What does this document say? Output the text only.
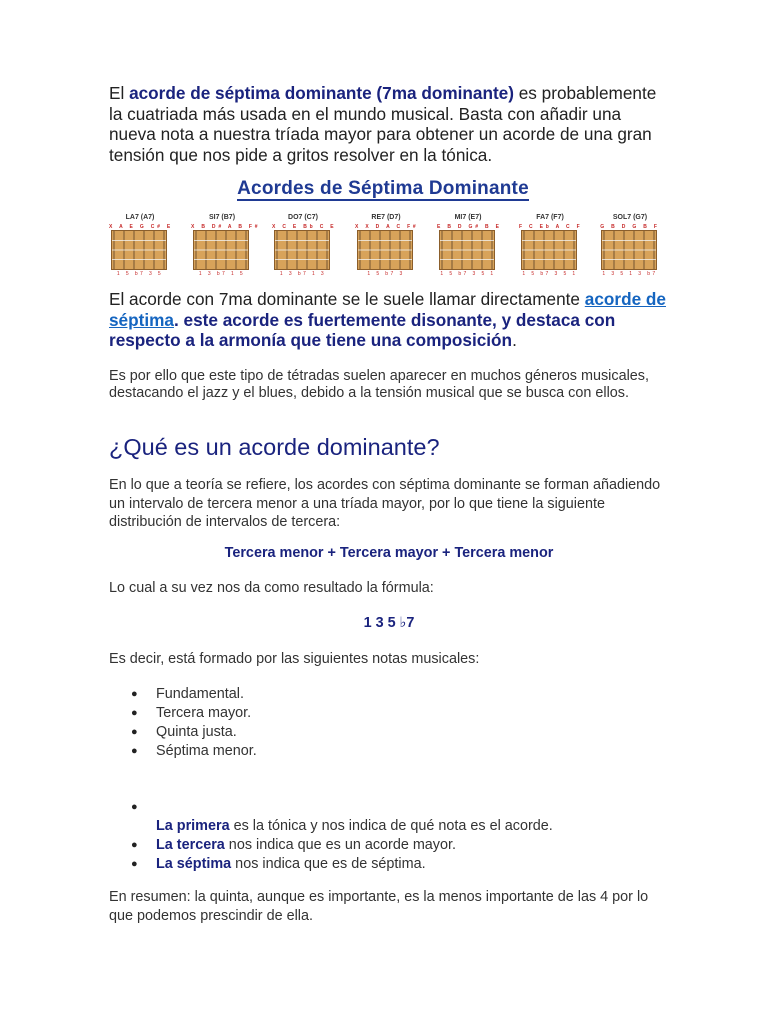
El acorde de séptima dominante (7ma dominante) es probablemente la cuatriada más usada en el mundo musical. Basta con añadir una nueva nota a nuestra tríada mayor para obtener un acorde de una gran tensión que nos pide a gritos resolver en la tónica.

Acordes de Séptima Dominante
LA7 (A7)
X A E G C# E
1 5 b7 3 5
SI7 (B7)
X B D# A B F#
1 3 b7 1 5
DO7 (C7)
X C E Bb C E
1 3 b7 1 3
RE7 (D7)
X X D A C F#
1 5 b7 3
MI7 (E7)
E B D G# B E
1 5 b7 3 5 1
FA7 (F7)
F C Eb A C F
1 5 b7 3 5 1
SOL7 (G7)
G B D G B F
1 3 5 1 3 b7

El acorde con 7ma dominante se le suele llamar directamente acorde de séptima. este acorde es fuertemente disonante, y destaca con respecto a la armonía que tiene una composición.

Es por ello que este tipo de tétradas suelen aparecer en muchos géneros musicales, destacando el jazz y el blues, debido a la tensión musical que se busca con ellos.

¿Qué es un acorde dominante?

En lo que a teoría se refiere, los acordes con séptima dominante se forman añadiendo un intervalo de tercera menor a una tríada mayor, por lo que tiene la siguiente distribución de intervalos de tercera:

Tercera menor + Tercera mayor + Tercera menor

Lo cual a su vez nos da como resultado la fórmula:

1 3 5 ♭7

Es decir, está formado por las siguientes notas musicales:

● Fundamental.
● Tercera mayor.
● Quinta justa.
● Séptima menor.
●
La primera es la tónica y nos indica de qué nota es el acorde.
● La tercera nos indica que es un acorde mayor.
● La séptima nos indica que es de séptima.

En resumen: la quinta, aunque es importante, es la menos importante de las 4 por lo que podemos prescindir de ella.
